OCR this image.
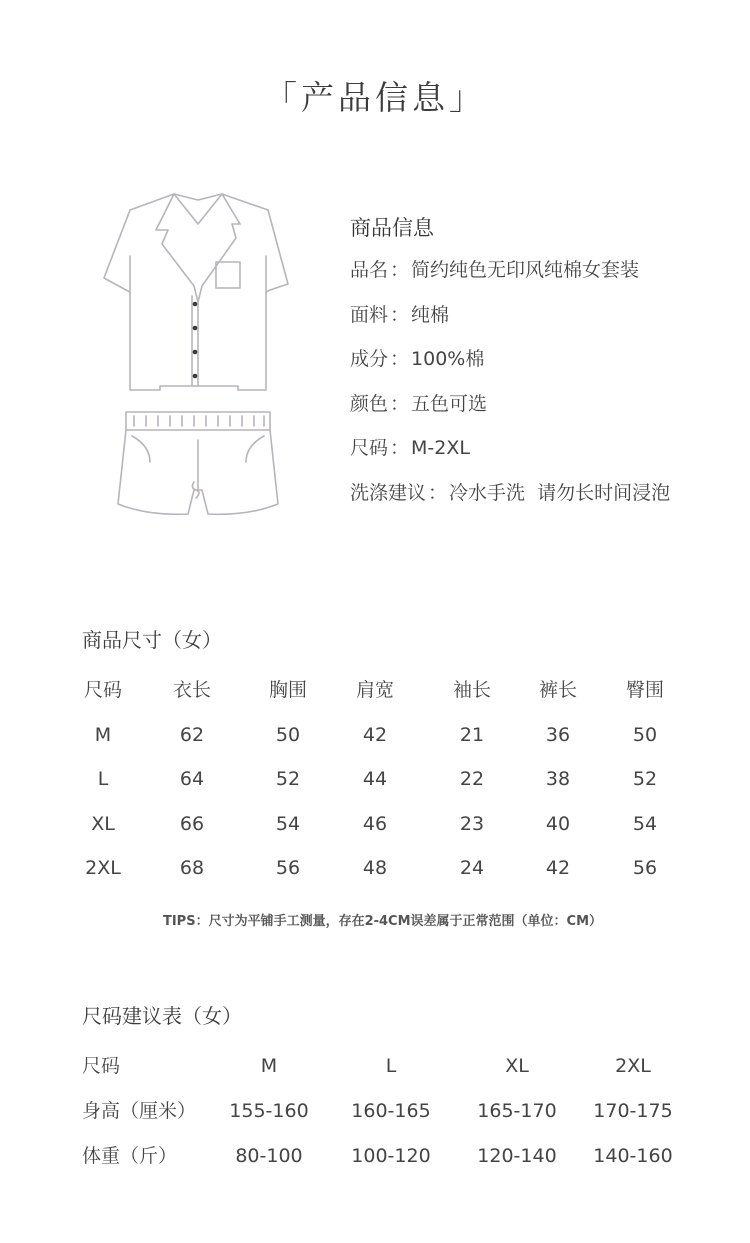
「产品信息」
商品信息
品名 ： 简约纯色无印风纯棉女套装
面料 ： 纯棉
成分 ： 100%棉
颜色 ： 五色可选
尺码 ： M-2XL
洗涤建议 ： 冷水手洗  请勿长时间浸泡
商品尺寸（女）
尺码	衣长	胸围	肩宽	袖长	裤长	臀围
M	62	50	42	21	36	50
L	64	52	44	22	38	52
XL	66	54	46	23	40	54
2XL	68	56	48	24	42	56
TIPS：尺寸为平铺手工测量，存在2-4CM误差属于正常范围（单位：CM）
尺码建议表（女）
尺码	M	L	XL	2XL
身高（厘米）	155-160	160-165	165-170	170-175
体重（斤）	80-100	100-120	120-140	140-160
